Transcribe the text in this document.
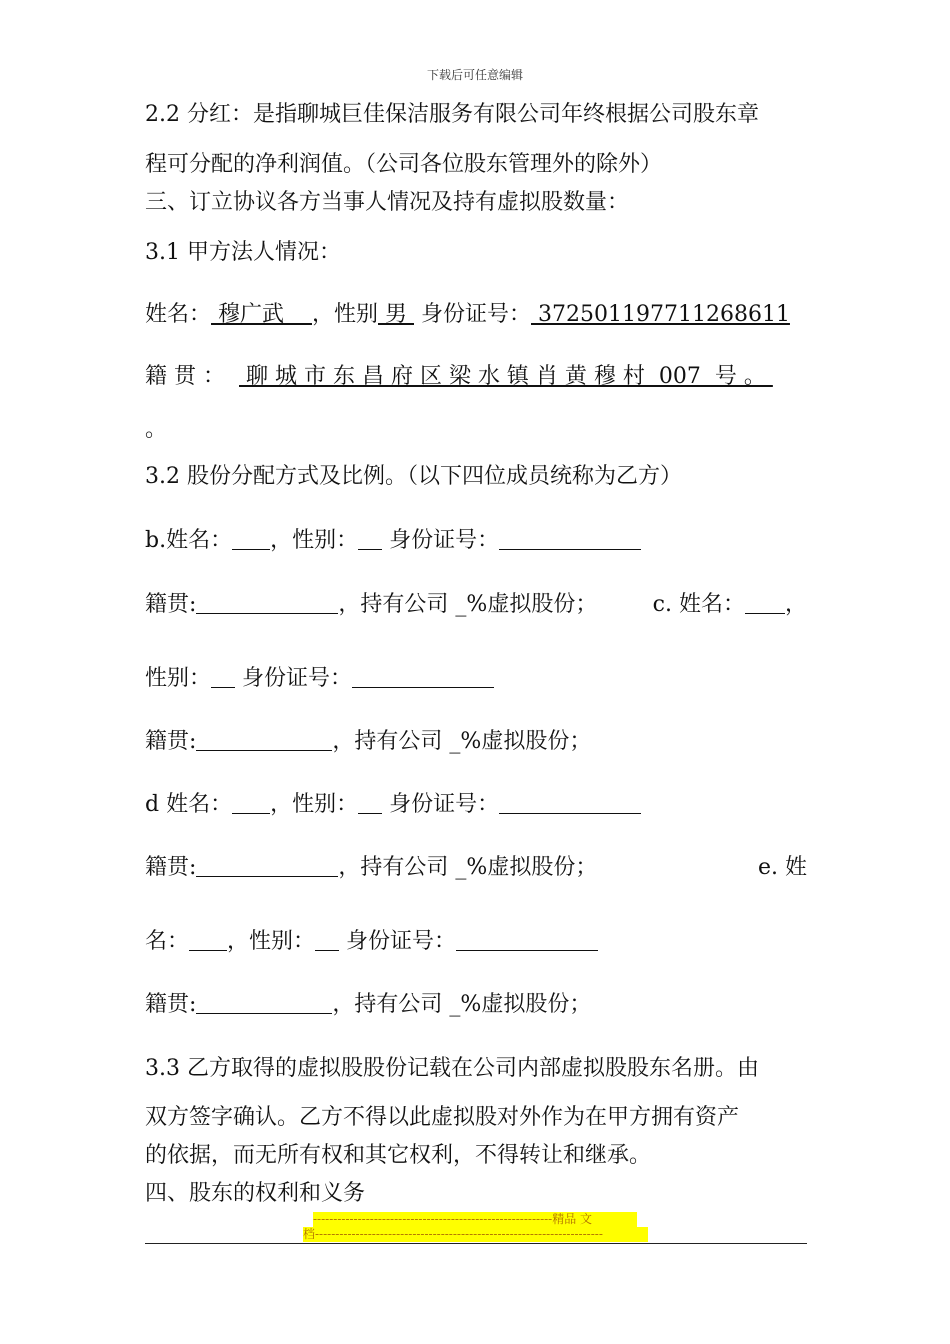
下载后可任意编辑
2.2 分红：是指聊城巨佳保洁服务有限公司年终根据公司股东章
程可分配的净利润值。（公司各位股东管理外的除外）
三、订立协议各方当事人情况及持有虚拟股数量：
3.1 甲方法人情况：
姓名： 穆广武    ，性别 男  身份证号： 372501197711268611
籍 贯 ：   聊 城 市 东 昌 府 区 梁 水 镇 肖 黄 穆 村  007  号 。
。
3.2 股份分配方式及比例。（以下四位成员统称为乙方）
b.姓名： ，性别： 身份证号：
籍贯:	，持有公司 _%虚拟股份；	c. 姓名： ，
性别： 身份证号：
籍贯:	，持有公司 _%虚拟股份；
d 姓名： ，性别： 身份证号：
籍贯:	，持有公司 _%虚拟股份；	e. 姓
名： ，性别： 身份证号：
籍贯:	，持有公司 _%虚拟股份；
3.3 乙方取得的虚拟股股份记载在公司内部虚拟股股东名册。由
双方签字确认。乙方不得以此虚拟股对外作为在甲方拥有资产
的依据，而无所有权和其它权利，不得转让和继承。
四、股东的权利和义务
-----------------------------------------------------------精品 文
档-----------------------------------------------------------------------
